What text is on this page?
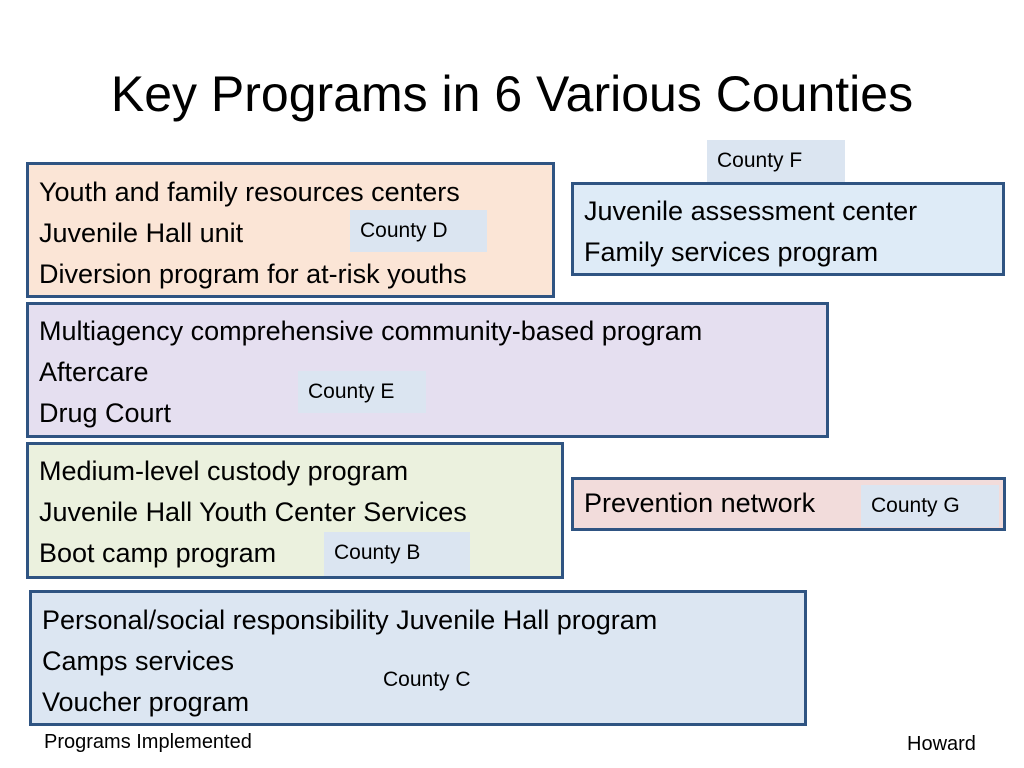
Key Programs in 6 Various Counties
Youth and family resources centers
Juvenile Hall unit
Diversion program for at-risk youths
County D
County F
Juvenile assessment center
Family services program
Multiagency comprehensive community-based program
Aftercare
Drug Court
County E
Medium-level custody program
Juvenile Hall Youth Center Services
Boot camp program	County B
Prevention network	County G
Personal/social responsibility Juvenile Hall program
Camps services
Voucher program
County C
Programs Implemented	Howard
